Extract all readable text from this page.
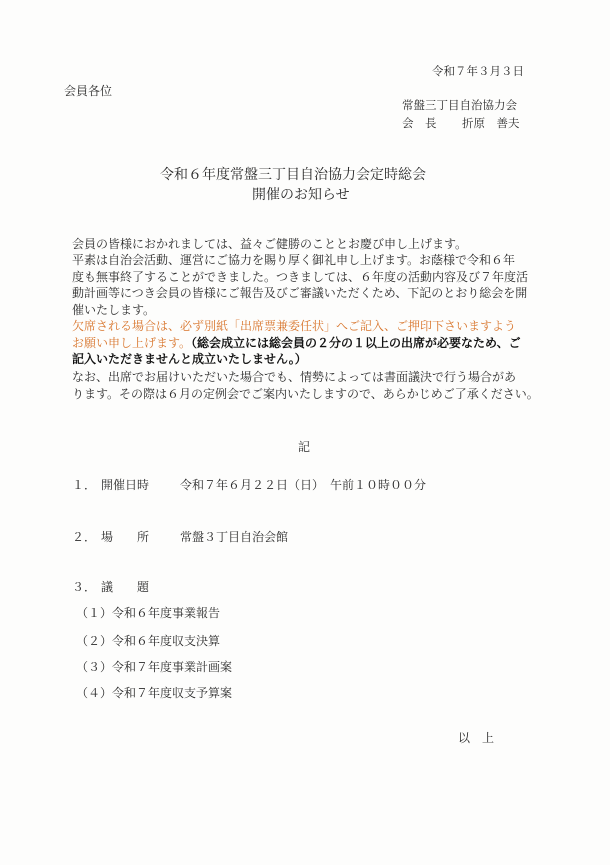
令和７年３月３日
会員各位
常盤三丁目自治協力会
会　長 折原　善夫
令和６年度常盤三丁目自治協力会定時総会
開催のお知らせ
会員の皆様におかれましては、益々ご健勝のこととお慶び申し上げます。
平素は自治会活動、運営にご協力を賜り厚く御礼申し上げます。お蔭様で令和６年
度も無事終了することができました。つきましては、６年度の活動内容及び７年度活
動計画等につき会員の皆様にご報告及びご審議いただくため、下記のとおり総会を開
催いたします。
欠席される場合は、必ず別紙「出席票兼委任状」へご記入、ご押印下さいますよう
お願い申し上げます。（総会成立には総会員の２分の１以上の出席が必要なため、ご
記入いただきませんと成立いたしません。）
なお、出席でお届けいただいた場合でも、情勢によっては書面議決で行う場合があ
ります。その際は６月の定例会でご案内いたしますので、あらかじめご了承ください。
記
１． 開催日時	令和７年６月２２日（日）　午前１０時００分
２． 場　　所	常盤３丁目自治会館
３． 議　　題
（１）令和６年度事業報告
（２）令和６年度収支決算
（３）令和７年度事業計画案
（４）令和７年度収支予算案
以　上
